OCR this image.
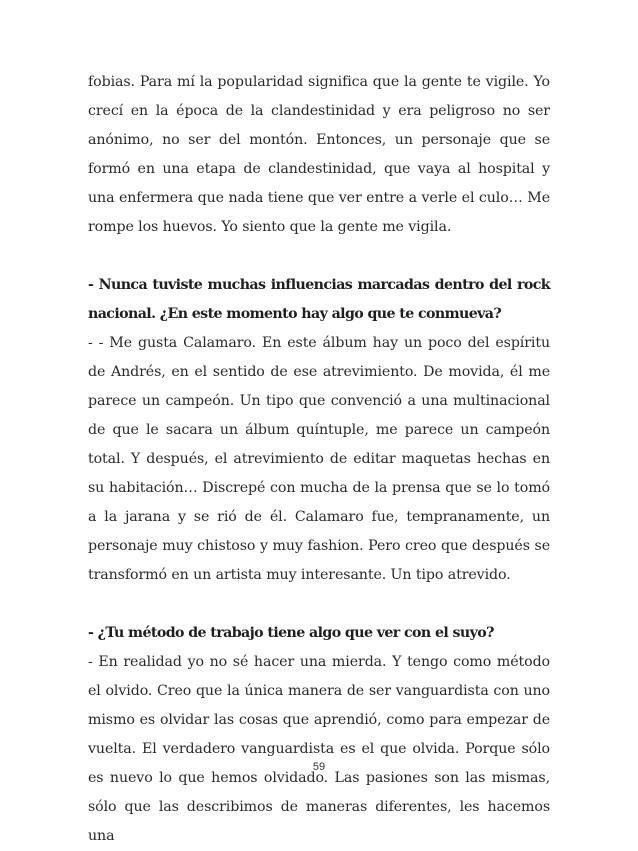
fobias. Para mí la popularidad significa que la gente te vigile. Yo crecí en la época de la clandestinidad y era peligroso no ser anónimo, no ser del montón. Entonces, un personaje que se formó en una etapa de clandestinidad, que vaya al hospital y una enfermera que nada tiene que ver entre a verle el culo… Me rompe los huevos. Yo siento que la gente me vigila.

- Nunca tuviste muchas influencias marcadas dentro del rock nacional. ¿En este momento hay algo que te conmueva?

- - Me gusta Calamaro. En este álbum hay un poco del espíritu de Andrés, en el sentido de ese atrevimiento. De movida, él me parece un campeón. Un tipo que convenció a una multinacional de que le sacara un álbum quíntuple, me parece un campeón total. Y después, el atrevimiento de editar maquetas hechas en su habitación… Discrepé con mucha de la prensa que se lo tomó a la jarana y se rió de él. Calamaro fue, tempranamente, un personaje muy chistoso y muy fashion. Pero creo que después se transformó en un artista muy interesante. Un tipo atrevido.

- ¿Tu método de trabajo tiene algo que ver con el suyo?

- En realidad yo no sé hacer una mierda. Y tengo como método el olvido. Creo que la única manera de ser vanguardista con uno mismo es olvidar las cosas que aprendió, como para empezar de vuelta. El verdadero vanguardista es el que olvida. Porque sólo es nuevo lo que hemos olvidado. Las pasiones son las mismas, sólo que las describimos de maneras diferentes, les hacemos una

59
